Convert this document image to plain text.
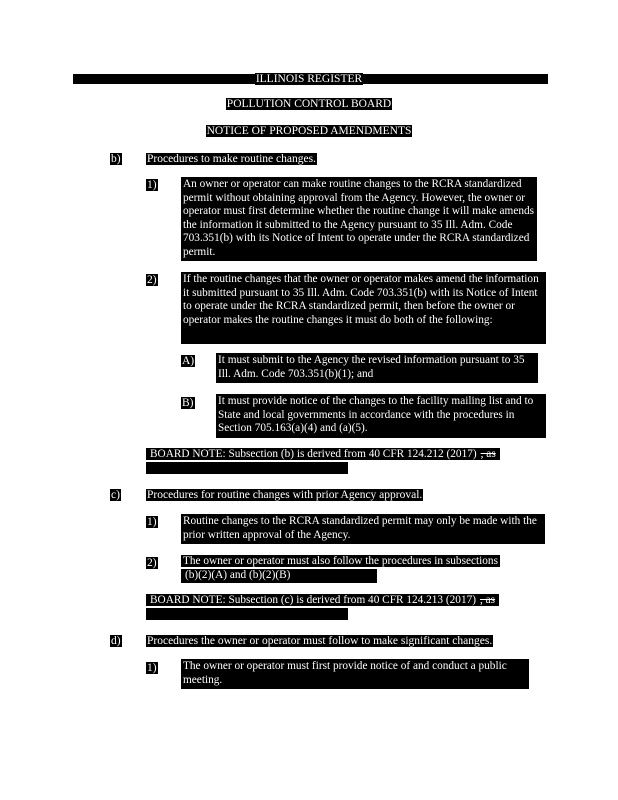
ILLINOIS REGISTER
POLLUTION CONTROL BOARD
NOTICE OF PROPOSED AMENDMENTS
b) Procedures to make routine changes.
1) An owner or operator can make routine changes to the RCRA standardized permit without obtaining approval from the Agency. However, the owner or operator must first determine whether the routine change it will make amends the information it submitted to the Agency pursuant to 35 Ill. Adm. Code 703.351(b) with its Notice of Intent to operate under the RCRA standardized permit.
2) If the routine changes that the owner or operator makes amend the information it submitted pursuant to 35 Ill. Adm. Code 703.351(b) with its Notice of Intent to operate under the RCRA standardized permit, then before the owner or operator makes the routine changes it must do both of the following:
A) It must submit to the Agency the revised information pursuant to 35 Ill. Adm. Code 703.351(b)(1); and
B) It must provide notice of the changes to the facility mailing list and to State and local governments in accordance with the procedures in Section 705.163(a)(4) and (a)(5).
BOARD NOTE: Subsection (b) is derived from 40 CFR 124.212 (2017) , as
c) Procedures for routine changes with prior Agency approval.
1) Routine changes to the RCRA standardized permit may only be made with the prior written approval of the Agency.
2) The owner or operator must also follow the procedures in subsections
(b)(2)(A) and (b)(2)(B)
BOARD NOTE: Subsection (c) is derived from 40 CFR 124.213 (2017) , as
d) Procedures the owner or operator must follow to make significant changes.
1) The owner or operator must first provide notice of and conduct a public meeting.
